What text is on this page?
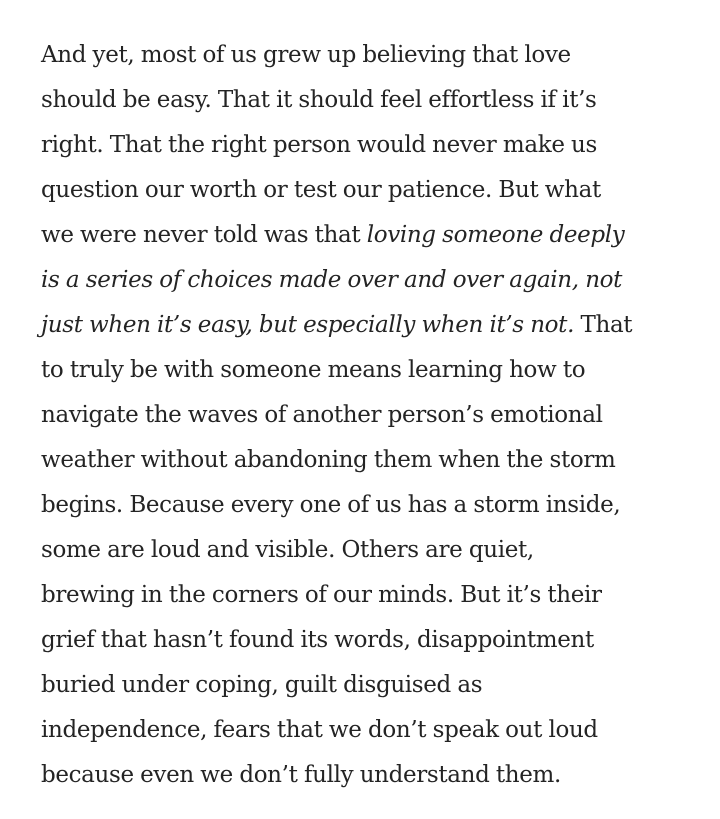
And yet, most of us grew up believing that love
should be easy. That it should feel effortless if it’s
right. That the right person would never make us
question our worth or test our patience. But what
we were never told was that loving someone deeply
is a series of choices made over and over again, not
just when it’s easy, but especially when it’s not. That
to truly be with someone means learning how to
navigate the waves of another person’s emotional
weather without abandoning them when the storm
begins. Because every one of us has a storm inside,
some are loud and visible. Others are quiet,
brewing in the corners of our minds. But it’s their
grief that hasn’t found its words, disappointment
buried under coping, guilt disguised as
independence, fears that we don’t speak out loud
because even we don’t fully understand them.
